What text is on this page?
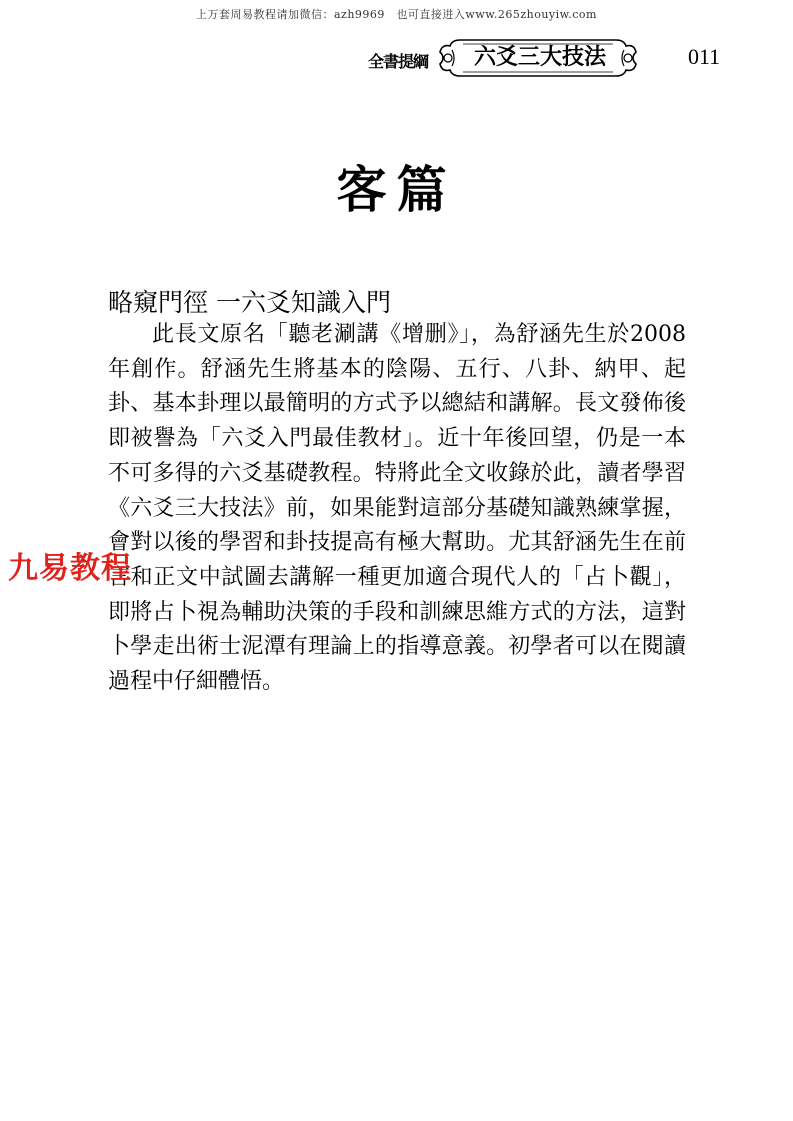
上万套周易教程请加微信：azh9969　也可直接进入www.265zhouyiw.com
全書提綱	六爻三大技法	011
客篇
略窺門徑 一六爻知識入門
此長文原名「聽老涮講《增删》」，為舒涵先生於2008年創作。舒涵先生將基本的陰陽、五行、八卦、納甲、起卦、基本卦理以最簡明的方式予以總結和講解。長文發佈後即被譽為「六爻入門最佳教材」。近十年後回望，仍是一本不可多得的六爻基礎教程。特將此全文收錄於此，讀者學習《六爻三大技法》前，如果能對這部分基礎知識熟練掌握，會對以後的學習和卦技提高有極大幫助。尤其舒涵先生在前言和正文中試圖去講解一種更加適合現代人的「占卜觀」，即將占卜視為輔助決策的手段和訓練思維方式的方法，這對卜學走出術士泥潭有理論上的指導意義。初學者可以在閱讀過程中仔細體悟。
九易教程
